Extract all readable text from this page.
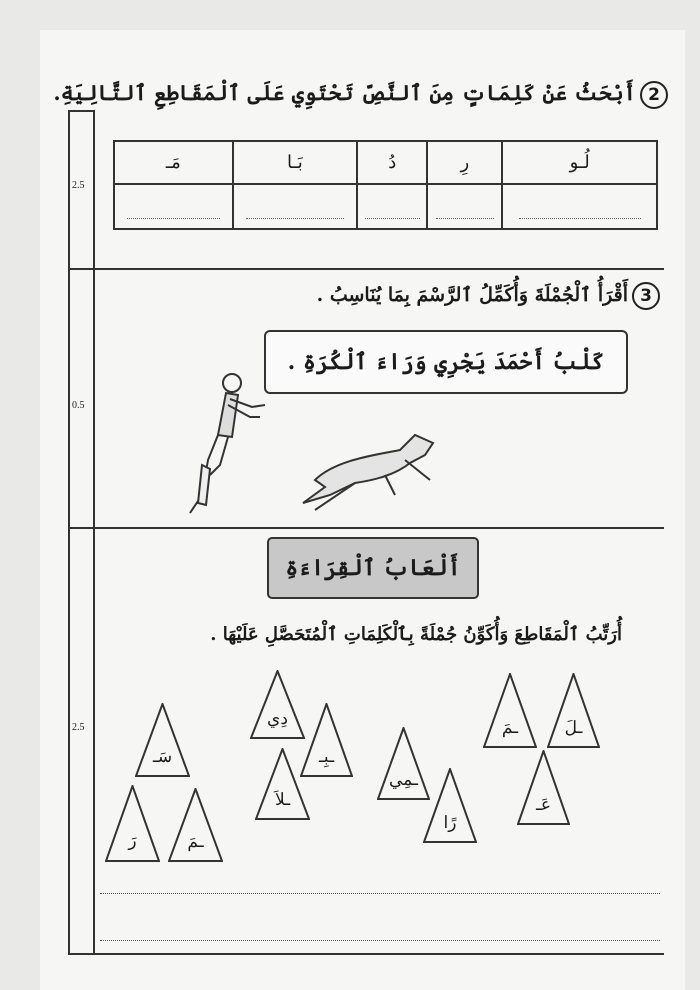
2.5
0.5
2.5
2أَبْحَثُ عَنْ كَلِمَاتٍ مِنَ ٱلنَّصِّ تَحْتَوِي عَلَى ٱلْمَقَاطِعِ ٱلتَّالِيَةِ.
لُـو	رِ	دُ	بَـا	مَـ

3أَقْرَأُ ٱلْجُمْلَةَ وَأُكَمِّلُ ٱلرَّسْمَ بِمَا يُنَاسِبُ .
كَلْبُ أَحْمَدَ يَجْرِي وَرَاءَ ٱلْكُرَةِ .
أَلْعَابُ ٱلْقِرَاءَةِ
أُرَتِّبُ ٱلْمَقَاطِعَ وَأُكَوِّنُ جُمْلَةً بِٱلْكَلِمَاتِ ٱلْمُتَحَصَّلِ عَلَيْهَا .
سَـ
رَ	ـمَ
دِي
ـلاَ
ـبِـ
ـمِي
رًا
ـمَ	ـلَ
عَـ
